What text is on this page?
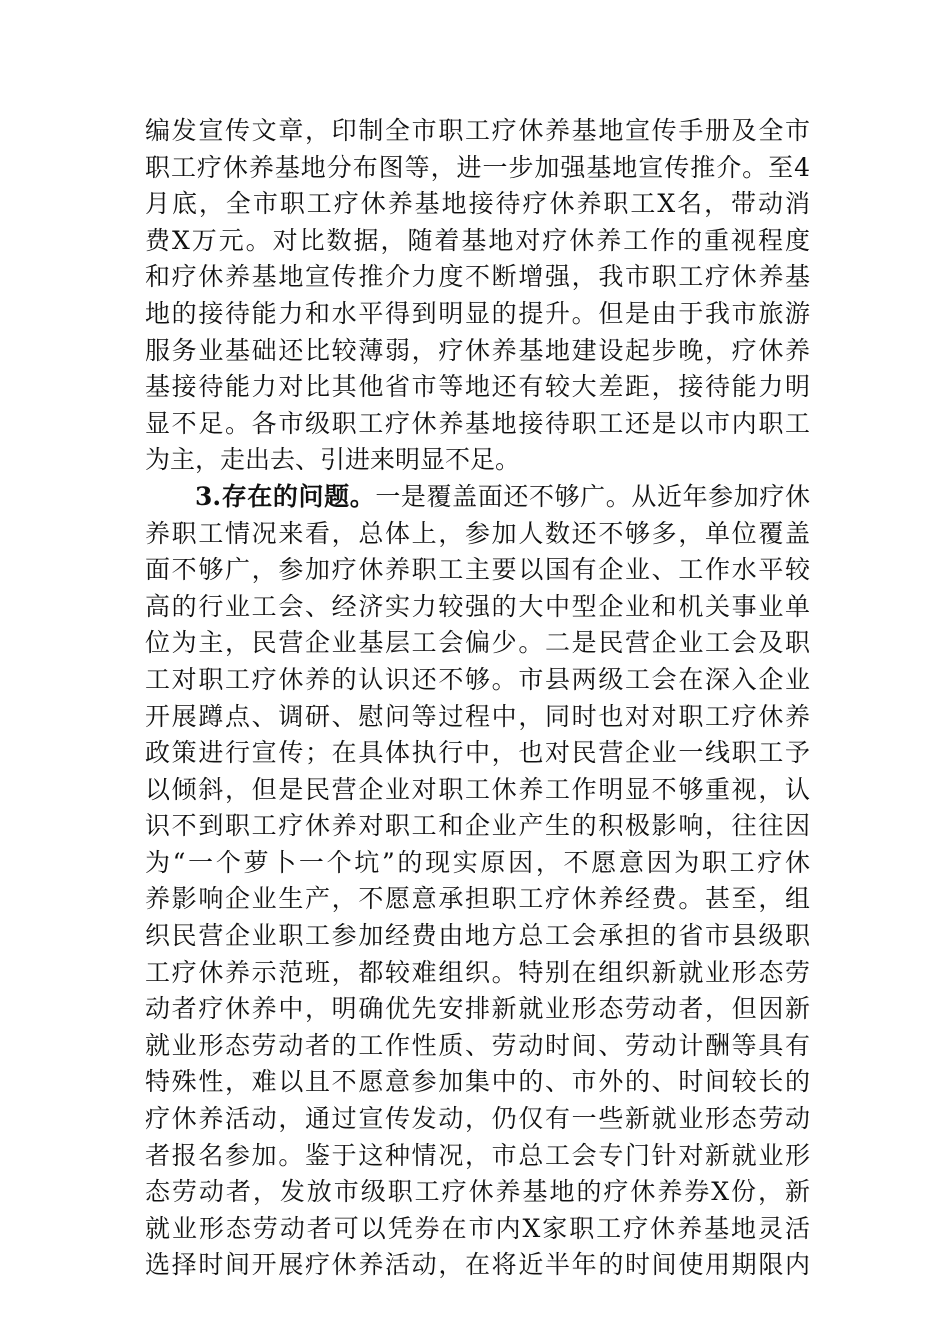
编发宣传文章，印制全市职工疗休养基地宣传手册及全市
职工疗休养基地分布图等，进一步加强基地宣传推介。至4
月底，全市职工疗休养基地接待疗休养职工X名，带动消
费X万元。对比数据，随着基地对疗休养工作的重视程度
和疗休养基地宣传推介力度不断增强，我市职工疗休养基
地的接待能力和水平得到明显的提升。但是由于我市旅游
服务业基础还比较薄弱，疗休养基地建设起步晚，疗休养
基接待能力对比其他省市等地还有较大差距，接待能力明
显不足。各市级职工疗休养基地接待职工还是以市内职工
为主，走出去、引进来明显不足。
3.存在的问题。一是覆盖面还不够广。从近年参加疗休
养职工情况来看，总体上，参加人数还不够多，单位覆盖
面不够广，参加疗休养职工主要以国有企业、工作水平较
高的行业工会、经济实力较强的大中型企业和机关事业单
位为主，民营企业基层工会偏少。二是民营企业工会及职
工对职工疗休养的认识还不够。市县两级工会在深入企业
开展蹲点、调研、慰问等过程中，同时也对对职工疗休养
政策进行宣传；在具体执行中，也对民营企业一线职工予
以倾斜，但是民营企业对职工休养工作明显不够重视，认
识不到职工疗休养对职工和企业产生的积极影响，往往因
为“一个萝卜一个坑”的现实原因，不愿意因为职工疗休
养影响企业生产，不愿意承担职工疗休养经费。甚至，组
织民营企业职工参加经费由地方总工会承担的省市县级职
工疗休养示范班，都较难组织。特别在组织新就业形态劳
动者疗休养中，明确优先安排新就业形态劳动者，但因新
就业形态劳动者的工作性质、劳动时间、劳动计酬等具有
特殊性，难以且不愿意参加集中的、市外的、时间较长的
疗休养活动，通过宣传发动，仍仅有一些新就业形态劳动
者报名参加。鉴于这种情况，市总工会专门针对新就业形
态劳动者，发放市级职工疗休养基地的疗休养券X份，新
就业形态劳动者可以凭券在市内X家职工疗休养基地灵活
选择时间开展疗休养活动，在将近半年的时间使用期限内
